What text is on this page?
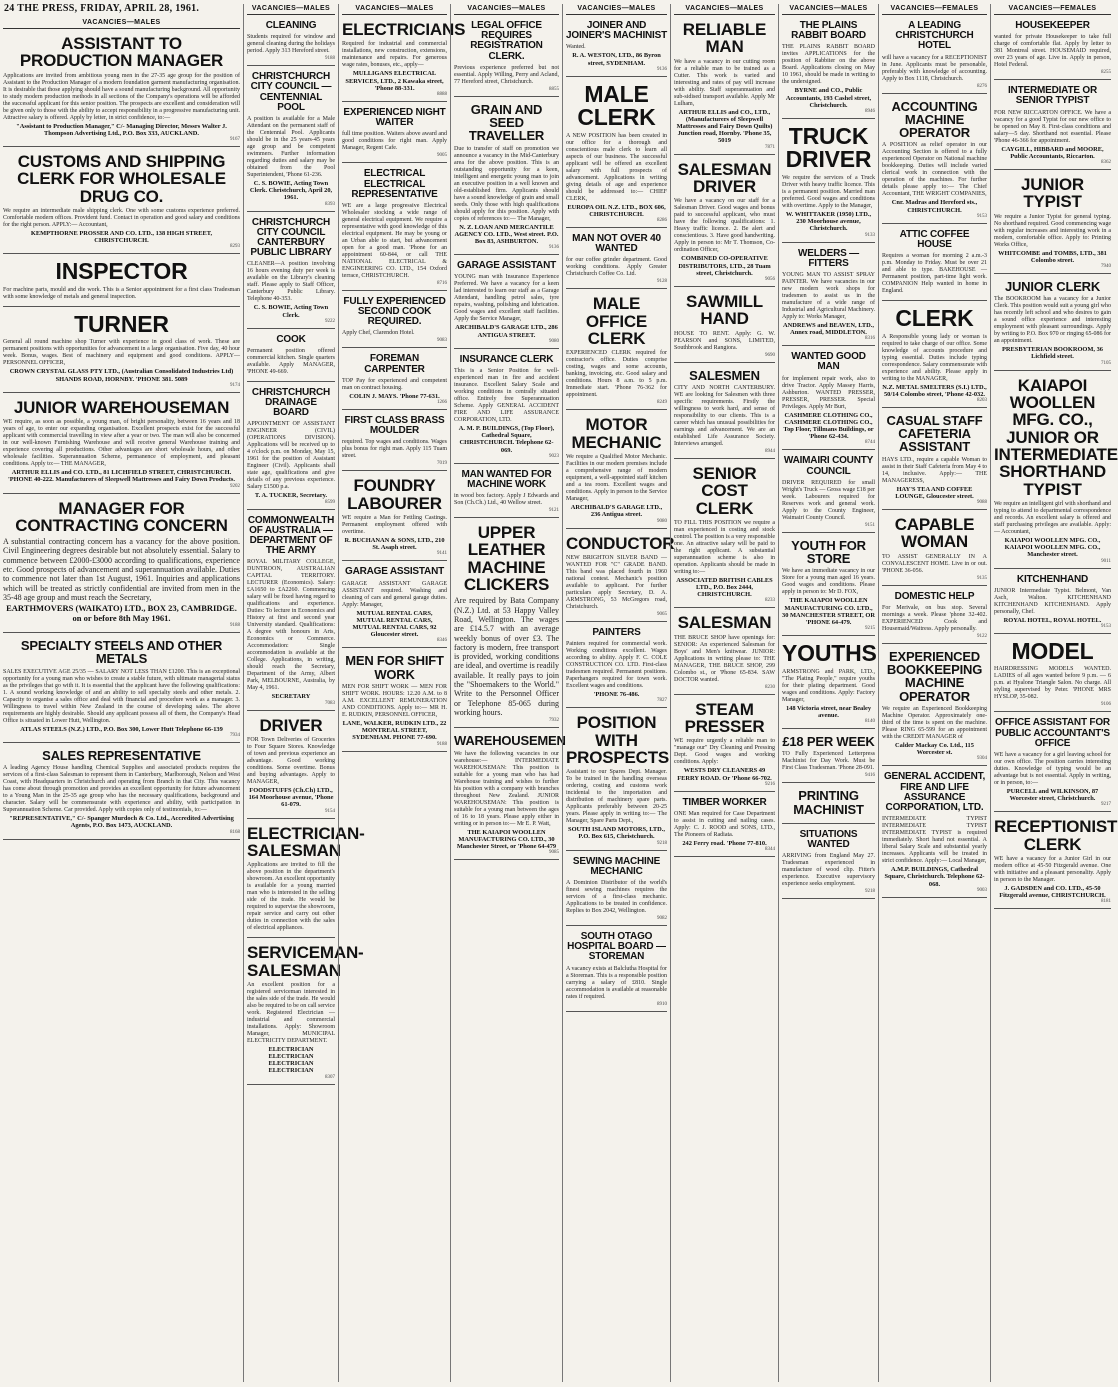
24 THE PRESS, FRIDAY, APRIL 28, 1961.
VACANCIES—MALES
ASSISTANT TO PRODUCTION MANAGER
Applications are invited from ambitious young men in the 27-35 age group for the position of Assistant to the Production Manager of a modern foundation garment manufacturing organisation. It is desirable that those applying should have a sound manufacturing background. All opportunity to study modern production methods in all sections of the Company's operations will be afforded the successful applicant for this senior position. The prospects are excellent and consideration will be given only to those with the ability to accept responsibility in a progressive manufacturing unit. Attractive salary is offered. Apply by letter, in strict confidence, to:—
"Assistant to Production Manager," C/- Managing Director, Messrs Walter J. Thompson Advertising Ltd., P.O. Box 333, AUCKLAND.
9167
CUSTOMS AND SHIPPING CLERK FOR WHOLESALE DRUG CO.
We require an intermediate male shipping clerk. One with some customs experience preferred. Comfortable modern offices. Provident fund. Contact in operation and good salary and conditions for the right person. APPLY:— Accountant,
KEMPTHORNE PROSSER AND CO. LTD., 138 HIGH STREET, CHRISTCHURCH.
8293
INSPECTOR
For machine parts, mould and die work. This is a Senior appointment for a first class Tradesman with some knowledge of metals and general inspection.
TURNER
General all round machine shop Turner with experience in good class of work. These are permanent positions with opportunities for advancement in a large organisation. Five day, 40 hour week. Bonus, wages. Best of machinery and equipment and good conditions. APPLY— PERSONNEL OFFICER,
CROWN CRYSTAL GLASS PTY LTD., (Australian Consolidated Industries Ltd) SHANDS ROAD, HORNBY. 'PHONE 381. 5089
9174
JUNIOR WAREHOUSEMAN
WE require, as soon as possible, a young man, of bright personality, between 16 years and 18 years of age, to enter our expanding organisation. Excellent prospects exist for the successful applicant with commercial travelling in view after a year or two. The man will also be concerned in our well-known Furnishing Warehouse and will receive general Warehouse training and experience covering all productions. Other advantages are short wholesale hours, and other wholesale facilities. Superannuation Scheme, permanence of employment, and pleasant conditions. Apply to:— THE MANAGER,
ARTHUR ELLIS and CO. LTD., 81 LICHFIELD STREET, CHRISTCHURCH. 'PHONE 40-222. Manufacturers of Sleepwell Mattresses and Fairy Down Products.
9202
MANAGER FOR CONTRACTING CONCERN
A substantial contracting concern has a vacancy for the above position. Civil Engineering degrees desirable but not absolutely essential. Salary to commence between £2000-£3000 according to qualifications, experience etc. Good prospects of advancement and superannuation available. Duties to commence not later than 1st August, 1961. Inquiries and applications which will be treated as strictly confidential are invited from men in the 35-48 age group and must reach the Secretary,
EARTHMOVERS (WAIKATO) LTD., BOX 23, CAMBRIDGE. on or before 8th May 1961.
9188
SPECIALTY STEELS AND OTHER METALS
SALES EXECUTIVE AGE 25/35 — SALARY NOT LESS THAN £1200. This is an exceptional opportunity for a young man who wishes to create a stable future, with ultimate managerial status as the privileges that go with it. It is essential that the applicant have the following qualifications: 1. A sound working knowledge of and an ability to sell specialty steels and other metals. 2. Capacity to organise a sales office and deal with financial and procedure work as a manager. 3. Willingness to travel within New Zealand in the course of developing sales. The above requirements are highly desirable. Should any applicant possess all of them, the Company's Head Office is situated in Lower Hutt, Wellington.
ATLAS STEELS (N.Z.) LTD., P.O. Box 300, Lower Hutt Telephone 66-139
7934
SALES REPRESENTATIVE
A leading Agency House handling Chemical Supplies and associated products requires the services of a first-class Salesman to represent them in Canterbury, Marlborough, Nelson and West Coast, with Headquarters in Christchurch and operating from Branch in that City. This vacancy has come about through promotion and provides an excellent opportunity for future advancement to a Young Man in the 25-35 age group who has the necessary qualifications, background and character. Salary will be commensurate with experience and ability, with participation in Superannuation Scheme. Car provided. Apply with copies only of testimonials, to:—
"REPRESENTATIVE," C/- Spanger Murdoch & Co. Ltd., Accredited Advertising Agents, P.O. Box 1473, AUCKLAND.
8168
VACANCIES—MALES
CLEANING
Students required for window and general cleaning during the holidays period. Apply 313 Hereford street.
9188
CHRISTCHURCH CITY COUNCIL — CENTENNIAL POOL
A position is available for a Male Attendant on the permanent staff of the Centennial Pool. Applicants should be in the 25 years-45 years age group and be competent swimmers. Further information regarding duties and salary may be obtained from the Pool Superintendent, 'Phone 61-236.
C. S. BOWIE, Acting Town Clerk. Christchurch, April 20, 1961.
8393
CHRISTCHURCH CITY COUNCIL CANTERBURY PUBLIC LIBRARY
CLEANER—A position involving 16 hours evening duty per week is available on the Library's cleaning staff. Please apply to Staff Officer, Canterbury Public Library. Telephone 40-353.
C. S. BOWIE, Acting Town Clerk.
9222
COOK
Permanent position offered commercial kitchen. Single quarters available. Apply MANAGER, 'PHONE 49-669.
CHRISTCHURCH DRAINAGE BOARD
APPOINTMENT OF ASSISTANT ENGINEER (CIVIL) (OPERATIONS DIVISION). Applications will be received up to 4 o'clock p.m. on Monday, May 15, 1961 for the position of Assistant Engineer (Civil). Applicants shall state age, qualifications and give details of any previous experience. Salary £1500 p.a.
T. A. TUCKER, Secretary.
8599
COMMONWEALTH OF AUSTRALIA — DEPARTMENT OF THE ARMY
ROYAL MILITARY COLLEGE, DUNTROON, AUSTRALIAN CAPITAL TERRITORY. LECTURER (Economics). Salary: £A1650 to £A2260. Commencing salary will be fixed having regard to qualifications and experience. Duties: To lecture in Economics and History at first and second year University standard. Qualifications: A degree with honours in Arts, Economics or Commerce. Accommodation: Single accommodation is available at the College. Applications, in writing, should reach the Secretary, Department of the Army, Albert Park, MELBOURNE, Australia, by May 4, 1961.
SECRETARY
7083
DRIVER
FOR Town Deliveries of Groceries to Four Square Stores. Knowledge of town and previous experience an advantage. Good working conditions. Some overtime. Bonus and buying advantages. Apply to MANAGER,
FOODSTUFFS (Ch.Ch) LTD., 164 Moorhouse avenue, 'Phone 61-079.
9154
ELECTRICIAN-SALESMAN
Applications are invited to fill the above position in the department's showroom. An excellent opportunity is available for a young married man who is interested in the selling side of the trade. He would be required to supervise the showroom, repair service and carry out other duties in connection with the sales of electrical appliances.
SERVICEMAN-SALESMAN
An excellent position for a registered serviceman interested in the sales side of the trade. He would also be required to be on call service work. Registered Electrician — industrial and commercial installations. Apply: Showroom Manager, MUNICIPAL ELECTRICITY DEPARTMENT.
ELECTRICIAN ELECTRICIAN ELECTRICIAN ELECTRICIAN
8307
VACANCIES—MALES
ELECTRICIANS
Required for industrial and commercial installations, new construction, extensions, maintenance and repairs. For generous wage rates, bonuses, etc., apply—
MULLIGANS ELECTRICAL SERVICES, LTD., 2 Kawaka street, 'Phone 88-331.
8888
EXPERIENCED NIGHT WAITER
full time position. Waiters above award and good conditions for right man. Apply Manager, Regent Cafe.
9005
ELECTRICAL ELECTRICAL REPRESENTATIVE
WE are a large progressive Electrical Wholesaler stocking a wide range of general electrical equipment. We require a representative with good knowledge of this electrical equipment. He may be young or an Urban able to start, but advancement open for a good man. 'Phone for an appointment 60-844, or call THE NATIONAL ELECTRICAL & ENGINEERING CO. LTD., 154 Oxford terrace, CHRISTCHURCH.
8716
FULLY EXPERIENCED SECOND COOK REQUIRED.
Apply Chef, Clarendon Hotel.
9083
FOREMAN CARPENTER
TOP Pay for experienced and competent man on contract housing.
COLIN J. MAYS. 'Phone 77-631.
1266
FIRST CLASS BRASS MOULDER
required. Top wages and conditions. Wages plus bonus for right man. Apply 115 Tuam street.
7019
FOUNDRY LABOURER
WE require a Man for Fettling Castings. Permanent employment offered with overtime.
R. BUCHANAN & SONS, LTD., 210 St. Asaph street.
9141
GARAGE ASSISTANT
GARAGE ASSISTANT GARAGE ASSISTANT required. Washing and cleaning of cars and general garage duties. Apply: Manager,
MUTUAL RENTAL CARS, MUTUAL RENTAL CARS, MUTUAL RENTAL CARS, 92 Gloucester street.
8346
MEN FOR SHIFT WORK
MEN FOR SHIFT WORK — MEN FOR SHIFT WORK. HOURS: 12.20 A.M. to 8 A.M. EXCELLENT REMUNERATION AND CONDITIONS. Apply to:— MR H. E. RUDKIN, PERSONNEL OFFICER,
LANE, WALKER, RUDKIN LTD., 22 MONTREAL STREET, SYDENHAM. PHONE 77-690.
9188
VACANCIES—MALES
LEGAL OFFICE REQUIRES REGISTRATION CLERK.
Previous experience preferred but not essential. Apply Willing, Perry and Acland, 77 Hereford street, Christchurch.
8855
GRAIN AND SEED TRAVELLER
Due to transfer of staff on promotion we announce a vacancy in the Mid-Canterbury area for the above position. This is an outstanding opportunity for a keen, intelligent and energetic young man to join an executive position in a well known and old-established firm. Applicants should have a sound knowledge of grain and small seeds. Only those with high qualifications should apply for this position. Apply with copies of references to:— The Manager,
N. Z. LOAN AND MERCANTILE AGENCY CO. LTD., West street. P.O. Box 83, ASHBURTON.
9136
GARAGE ASSISTANT
YOUNG man with Insurance Experience Preferred. We have a vacancy for a keen lad interested to learn our staff as a Garage Attendant, handling petrol sales, tyre repairs, washing, polishing and lubrication. Good wages and excellent staff facilities. Apply the Service Manager,
ARCHIBALD'S GARAGE LTD., 286 ANTIGUA STREET.
9080
INSURANCE CLERK
This is a Senior Position for well-experienced man in fire and accident insurance. Excellent Salary Scale and working conditions in centrally situated office. Entirely free Superannuation Scheme. Apply GENERAL ACCIDENT FIRE AND LIFE ASSURANCE CORPORATION, LTD.
A. M. P. BUILDINGS, (Top Floor), Cathedral Square, CHRISTCHURCH. Telephone 62-069.
9023
MAN WANTED FOR MACHINE WORK
in wood box factory. Apply J Edwards and Son (Ch.Ch.) Ltd., 40 Wellow street.
9121
UPPER LEATHER MACHINE CLICKERS
Are required by Bata Company (N.Z.) Ltd. at 53 Happy Valley Road, Wellington. The wages are £14.5.7 with an average weekly bonus of over £3. The factory is modern, free transport is provided, working conditions are ideal, and overtime is readily available. It really pays to join the "Shoemakers to the World." Write to the Personnel Officer or Telephone 85-065 during working hours.
7932
WAREHOUSEMEN
We have the following vacancies in our warehouse:— INTERMEDIATE WAREHOUSEMAN: This position is suitable for a young man who has had Warehouse training and wishes to further his position with a company with branches throughout New Zealand. JUNIOR WAREHOUSEMAN: This position is suitable for a young man between the ages of 16 to 18 years. Please apply either in writing or in person to:— Mr E. P. Watt,
THE KAIAPOI WOOLLEN MANUFACTURING CO. LTD., 30 Manchester Street, or 'Phone 64-479
9085
VACANCIES—MALES
JOINER AND JOINER'S MACHINIST
Wanted.
R. A. WESTON, LTD., 86 Byron street, SYDENHAM.
9136
MALE CLERK
A NEW POSITION has been created in our office for a thorough and conscientious male clerk to learn all aspects of our business. The successful applicant will be offered an excellent salary with full prospects of advancement. Applications in writing giving details of age and experience should be addressed to:— CHIEF CLERK,
EUROPA OIL N.Z. LTD., BOX 606, CHRISTCHURCH.
8286
MAN NOT OVER 40 WANTED
for our coffee grinder department. Good working conditions. Apply Greater Christchurch Coffee Co. Ltd.
9128
MALE OFFICE CLERK
EXPERIENCED CLERK required for contractor's office. Duties comprise costing, wages and some accounts, banking, invoicing, etc. Good salary and conditions. Hours 8 a.m. to 5 p.m. Immediate start. 'Phone 76-362 for appointment.
8249
MOTOR MECHANIC
We require a Qualified Motor Mechanic. Facilities in our modern premises include a comprehensive range of modern equipment, a well-appointed staff kitchen and a tea room. Excellent wages and conditions. Apply in person to the Service Manager,
ARCHIBALD'S GARAGE LTD., 236 Antigua street.
9080
CONDUCTOR
NEW BRIGHTON SILVER BAND — WANTED FOR "C" GRADE BAND. This band was placed fourth in 1960 national contest. Mechanic's position available to applicant. For further particulars apply Secretary, D. A. ARMSTRONG, 53 McGregors road, Christchurch.
9065
PAINTERS
Painters required for commercial work. Working conditions excellent. Wages according to ability. Apply F. C. COLE CONSTRUCTION CO. LTD. First-class tradesmen required. Permanent positions. Paperhangers required for town work. Excellent wages and conditions.
'PHONE 76-486.
7827
POSITION WITH PROSPECTS
Assistant to our Spares Dept. Manager. To be trained in the handling overseas ordering, costing and customs work incidental to the importation and distribution of machinery spare parts. Applicants preferably between 20-25 years. Please apply in writing to:— The Manager, Spare Parts Dept.,
SOUTH ISLAND MOTORS, LTD., P.O. Box 615, Christchurch.
9218
SEWING MACHINE MECHANIC
A Dominion Distributor of the world's finest sewing machines requires the services of a first-class mechanic. Applications to be treated in confidence. Replies to Box 2042, Wellington.
9082
SOUTH OTAGO HOSPITAL BOARD — STOREMAN
A vacancy exists at Balclutha Hospital for a Storeman. This is a responsible position carrying a salary of £810. Single accommodation is available at reasonable rates if required.
8910
VACANCIES—MALES
RELIABLE MAN
We have a vacancy in our cutting room for a reliable man to be trained as a Cutter. This work is varied and interesting and rates of pay will increase with ability. Staff superannuation and sub-sidised transport available. Apply Mr Lulham,
ARTHUR ELLIS and CO., LTD., (Manufacturers of Sleepwell Mattresses and Fairy Down Quilts) Junction road, Hornby. 'Phone 35, 5019
7871
SALESMAN DRIVER
We have a vacancy on our staff for a Salesman Driver. Good wages and bonus paid to successful applicant, who must have the following qualifications: 1. Heavy traffic licence. 2. Be alert and conscientious. 3. Have good handwriting. Apply in person to: Mr T. Thomson, Co-ordination Officer,
COMBINED CO-OPERATIVE DISTRIBUTORS, LTD., 28 Tuam street, Christchurch.
9056
SAWMILL HAND
HOUSE TO RENT. Apply: G. W. PEARSON and SONS, LIMITED, Southbrook and Rangiora.
9690
SALESMEN
CITY AND NORTH CANTERBURY. WE are looking for Salesmen with three specific requirements. Firstly the willingness to work hard, and sense of responsibility to our clients. This is a career which has unusual possibilities for earnings and advancement. We are an established Life Assurance Society. Interviews arranged.
8944
SENIOR COST CLERK
TO FILL THIS POSITION we require a man experienced in costing and stock control. The position is a very responsible one. An attractive salary will be paid to the right applicant. A substantial superannuation scheme is also in operation. Applicants should be made in writing to:—
ASSOCIATED BRITISH CABLES LTD., P.O. Box 2444, CHRISTCHURCH.
8233
SALESMAN
THE BRUCE SHOP have openings for: SENIOR: An experienced Salesman for Boys' and Men's knitwear. JUNIOR: Applications in writing please to: THE MANAGER, THE BRUCE SHOP, 299 Colombo st., or 'Phone 65-834. SAW DOCTOR wanted.
8230
STEAM PRESSER
WE require urgently a reliable man to "manage our" Dry Cleaning and Pressing Dept. Good wages and working conditions. Apply:
WESTS DRY CLEANERS 49 FERRY ROAD. Or 'Phone 66-702.
9216
TIMBER WORKER
ONE Man required for Case Department to assist in cutting and nailing cases. Apply: C. J. ROOD and SONS, LTD., The Pioneers of Radiata.
242 Ferry road. 'Phone 77-810.
8344
VACANCIES—MALES
THE PLAINS RABBIT BOARD
THE PLAINS RABBIT BOARD invites APPLICATIONS for the position of Rabbiter on the above Board. Applications closing on May 10 1961, should be made in writing to the undersigned.
BYRNE and CO., Public Accountants, 193 Cashel street, Christchurch.
8946
TRUCK DRIVER
We require the services of a Truck Driver with heavy traffic licence. This is a permanent position. Married man preferred. Good wages and conditions with overtime. Apply to the Manager,
W. WHITTAKER (1950) LTD., 230 Moorhouse avenue, Christchurch.
9133
WELDERS — FITTERS
YOUNG MAN TO ASSIST SPRAY PAINTER. We have vacancies in our new modern work shops for tradesmen to assist us in the manufacture of a wide range of Industrial and Agricultural Machinery. Apply to: Works Manager,
ANDREWS and BEAVEN, LTD., Annex road, MIDDLETON.
8316
WANTED GOOD MAN
for implement repair work, also to drive Tractor. Apply Massey Harris, Ashburton. WANTED PRESSER, PRESSER, PRESSER. Special Privileges. Apply Mr Burt,
CASHMERE CLOTHING CO., CASHMERE CLOTHING CO., Top Floor, Tillmans Buildings, or 'Phone 62-434.
8744
WAIMAIRI COUNTY COUNCIL
DRIVER REQUIRED for small Wright's Truck — Gross wage £18 per week. Labourers required for Reserves work and general work. Apply to the County Engineer, Waimairi County Council.
9151
YOUTH FOR STORE
We have an immediate vacancy in our Store for a young man aged 16 years. Good wages and conditions. Please apply in person to: Mr D. FOX,
THE KAIAPOI WOOLLEN MANUFACTURING CO. LTD., 30 MANCHESTER STREET, OR 'PHONE 64-479.
9215
YOUTHS
ARMSTRONG and PARK, LTD., "The Plating People," require youths for their plating department. Good wages and conditions. Apply: Factory Manager,
148 Victoria street, near Bealey avenue.
8140
£18 PER WEEK
TO Fully Experienced Letterpress Machinist for Day Work. Must be First Class Tradesman. 'Phone 28-091.
9416
PRINTING MACHINIST
SITUATIONS WANTED
ARRIVING from England May 27. Tradesman experienced in manufacture of wood clip. Fitter's experience. Executive supervisory experience seeks employment.
9218
VACANCIES—FEMALES
A LEADING CHRISTCHURCH HOTEL
will have a vacancy for a RECEPTIONIST in June. Applicants must be personable, preferably with knowledge of accounting. Apply to Box 1118, Christchurch.
8276
ACCOUNTING MACHINE OPERATOR
A POSITION as relief operator in our Accounting Section is offered to a fully experienced Operator on National machine bookkeeping. Duties will include varied clerical work in connection with the operation of the machines. For further details please apply to:— The Chief Accountant, THE WRIGHT COMPANIES,
Cnr. Madras and Hereford sts., CHRISTCHURCH.
9153
ATTIC COFFEE HOUSE
Requires a woman for morning 2 a.m.-3 p.m. Monday to Friday. Must be over 21 and able to type. BAKEHOUSE — Permanent position, part-time light work. COMPANION Help wanted in home in England.
CLERK
A Responsible young lady or woman is required to take charge of our office. Some knowledge of accounts procedure and typing essential. Duties include typing correspondence. Salary commensurate with experience and ability. Please apply in writing to the MANAGER,
N.Z. METAL SMELTERS (S.I.) LTD., 50/14 Colombo street, 'Phone 42-032.
8203
CASUAL STAFF CAFETERIA ASSISTANT
HAYS LTD., require a capable Woman to assist in their Staff Cafeteria from May 4 to 14, inclusive. Apply:— THE MANAGERESS,
HAY'S TEA AND COFFEE LOUNGE, Gloucester street.
9088
CAPABLE WOMAN
TO ASSIST GENERALLY IN A CONVALESCENT HOME. Live in or out. 'PHONE 36-056.
9135
DOMESTIC HELP
For Merivale, on bus stop. Several mornings a week. Please 'phone 32-402. EXPERIENCED Cook and Housemaid/Waitress. Apply personally.
9122
EXPERIENCED BOOKKEEPING MACHINE OPERATOR
We require an Experienced Bookkeeping Machine Operator. Approximately one-third of the time is spent on the machine. Please RING 65-599 for an appointment with the CREDIT MANAGER of
Calder Mackay Co. Ltd., 115 Worcester st.
9304
GENERAL ACCIDENT, FIRE AND LIFE ASSURANCE CORPORATION, LTD.
INTERMEDIATE TYPIST INTERMEDIATE TYPIST INTERMEDIATE TYPIST is required immediately. Short hand not essential. A liberal Salary Scale and substantial yearly increases. Applicants will be treated in strict confidence. Apply:— Local Manager,
A.M.P. BUILDINGS, Cathedral Square, Christchurch. Telephone 62-068.
9003
VACANCIES—FEMALES
HOUSEKEEPER
wanted for private Housekeeper to take full charge of comfortable flat. Apply by letter to 381 Montreal street. HOUSEMAID required, over 23 years of age. Live in. Apply in person, Hotel Federal.
8255
INTERMEDIATE OR SENIOR TYPIST
FOR NEW RICCARTON OFFICE. We have a vacancy for a good Typist for our new office to be opened on May 8. First-class conditions and salary—5 day. Shorthand not essential. Please 'Phone 46-366 for appointment.
CAYGILL, HIBBARD and MOORE, Public Accountants, Riccarton.
8362
JUNIOR TYPIST
We require a Junior Typist for general typing. No shorthand required. Good commencing wage with regular increases and interesting work in a modern, comfortable office. Apply to: Printing Works Office,
WHITCOMBE and TOMBS, LTD., 381 Colombo street.
7940
JUNIOR CLERK
The BOOKROOM has a vacancy for a Junior Clerk. This position would suit a young girl who has recently left school and who desires to gain a sound office experience and interesting employment with pleasant surroundings. Apply by writing to P.O. Box 970 or ringing 65-086 for an appointment.
PRESBYTERIAN BOOKROOM, 36 Lichfield street.
7105
KAIAPOI WOOLLEN MFG. CO., JUNIOR OR INTERMEDIATE SHORTHAND TYPIST
We require an intelligent girl with shorthand and typing to attend to departmental correspondence and records. An excellent salary is offered and staff purchasing privileges are available. Apply:— Accountant,
KAIAPOI WOOLLEN MFG. CO., KAIAPOI WOOLLEN MFG. CO., Manchester street.
9011
KITCHENHAND
JUNIOR Intermediate Typist. Belmont, Van Asch, Walton. KITCHENHAND KITCHENHAND KITCHENHAND. Apply personally, Chef.
ROYAL HOTEL, ROYAL HOTEL.
9153
MODEL
HAIRDRESSING MODELS WANTED. LADIES of all ages wanted before 9 p.m. — 6 p.m. at Hyalone Triangle Salon. No charge. All styling supervised by Peter. 'PHONE MRS HYSLOP, 35-082.
9106
OFFICE ASSISTANT FOR PUBLIC ACCOUNTANT'S OFFICE
WE have a vacancy for a girl leaving school for our own office. The position carries interesting duties. Knowledge of typing would be an advantage but is not essential. Apply in writing, or in person, to:—
PURCELL and WILKINSON, 87 Worcester street, Christchurch.
9217
RECEPTIONIST CLERK
WE have a vacancy for a Junior Girl in our modern office at 45-50 Fitzgerald avenue. One with initiative and a pleasant personality. Apply in person to the Manager.
J. GADSDEN and CO. LTD., 45-50 Fitzgerald avenue, CHRISTCHURCH.
8181
